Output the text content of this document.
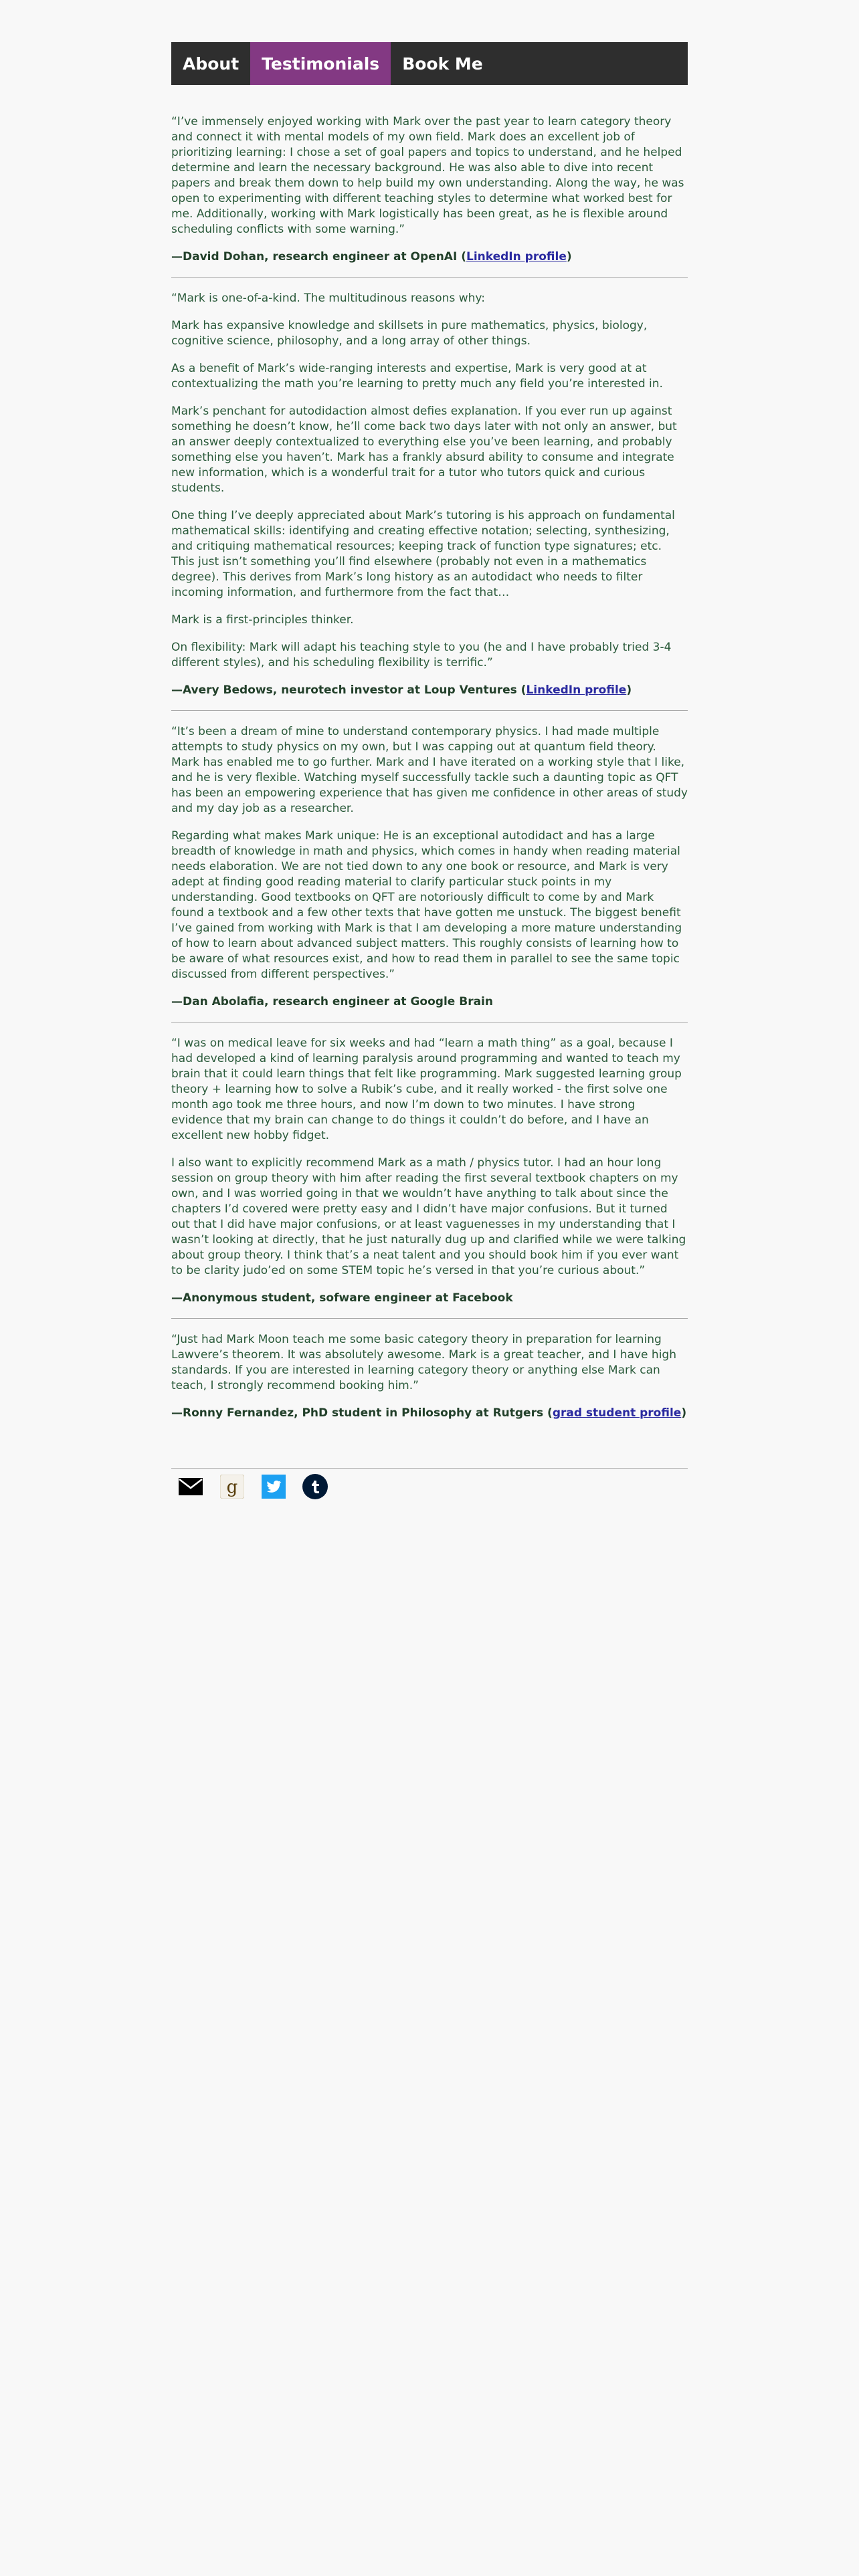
About	Testimonials	Book Me

“I’ve immensely enjoyed working with Mark over the past year to learn category theory and connect it with mental models of my own field. Mark does an excellent job of prioritizing learning: I chose a set of goal papers and topics to understand, and he helped determine and learn the necessary background. He was also able to dive into recent papers and break them down to help build my own understanding. Along the way, he was open to experimenting with different teaching styles to determine what worked best for me. Additionally, working with Mark logistically has been great, as he is flexible around scheduling conflicts with some warning.”

—David Dohan, research engineer at OpenAI (LinkedIn profile)

“Mark is one-of-a-kind. The multitudinous reasons why:

Mark has expansive knowledge and skillsets in pure mathematics, physics, biology, cognitive science, philosophy, and a long array of other things.

As a benefit of Mark’s wide-ranging interests and expertise, Mark is very good at at contextualizing the math you’re learning to pretty much any field you’re interested in.

Mark’s penchant for autodidaction almost defies explanation. If you ever run up against something he doesn’t know, he’ll come back two days later with not only an answer, but an answer deeply contextualized to everything else you’ve been learning, and probably something else you haven’t. Mark has a frankly absurd ability to consume and integrate new information, which is a wonderful trait for a tutor who tutors quick and curious students.

One thing I’ve deeply appreciated about Mark’s tutoring is his approach on fundamental mathematical skills: identifying and creating effective notation; selecting, synthesizing, and critiquing mathematical resources; keeping track of function type signatures; etc. This just isn’t something you’ll find elsewhere (probably not even in a mathematics degree). This derives from Mark’s long history as an autodidact who needs to filter incoming information, and furthermore from the fact that…

Mark is a first-principles thinker.

On flexibility: Mark will adapt his teaching style to you (he and I have probably tried 3-4 different styles), and his scheduling flexibility is terrific.”

—Avery Bedows, neurotech investor at Loup Ventures (LinkedIn profile)

“It’s been a dream of mine to understand contemporary physics. I had made multiple attempts to study physics on my own, but I was capping out at quantum field theory. Mark has enabled me to go further. Mark and I have iterated on a working style that I like, and he is very flexible. Watching myself successfully tackle such a daunting topic as QFT has been an empowering experience that has given me confidence in other areas of study and my day job as a researcher.

Regarding what makes Mark unique: He is an exceptional autodidact and has a large breadth of knowledge in math and physics, which comes in handy when reading material needs elaboration. We are not tied down to any one book or resource, and Mark is very adept at finding good reading material to clarify particular stuck points in my understanding. Good textbooks on QFT are notoriously difficult to come by and Mark found a textbook and a few other texts that have gotten me unstuck. The biggest benefit I’ve gained from working with Mark is that I am developing a more mature understanding of how to learn about advanced subject matters. This roughly consists of learning how to be aware of what resources exist, and how to read them in parallel to see the same topic discussed from different perspectives.”

—Dan Abolafia, research engineer at Google Brain

“I was on medical leave for six weeks and had “learn a math thing” as a goal, because I had developed a kind of learning paralysis around programming and wanted to teach my brain that it could learn things that felt like programming. Mark suggested learning group theory + learning how to solve a Rubik’s cube, and it really worked - the first solve one month ago took me three hours, and now I’m down to two minutes. I have strong evidence that my brain can change to do things it couldn’t do before, and I have an excellent new hobby fidget.

I also want to explicitly recommend Mark as a math / physics tutor. I had an hour long session on group theory with him after reading the first several textbook chapters on my own, and I was worried going in that we wouldn’t have anything to talk about since the chapters I’d covered were pretty easy and I didn’t have major confusions. But it turned out that I did have major confusions, or at least vaguenesses in my understanding that I wasn’t looking at directly, that he just naturally dug up and clarified while we were talking about group theory. I think that’s a neat talent and you should book him if you ever want to be clarity judo’ed on some STEM topic he’s versed in that you’re curious about.”

—Anonymous student, sofware engineer at Facebook

“Just had Mark Moon teach me some basic category theory in preparation for learning Lawvere’s theorem. It was absolutely awesome. Mark is a great teacher, and I have high standards. If you are interested in learning category theory or anything else Mark can teach, I strongly recommend booking him.”

—Ronny Fernandez, PhD student in Philosophy at Rutgers (grad student profile)

g
